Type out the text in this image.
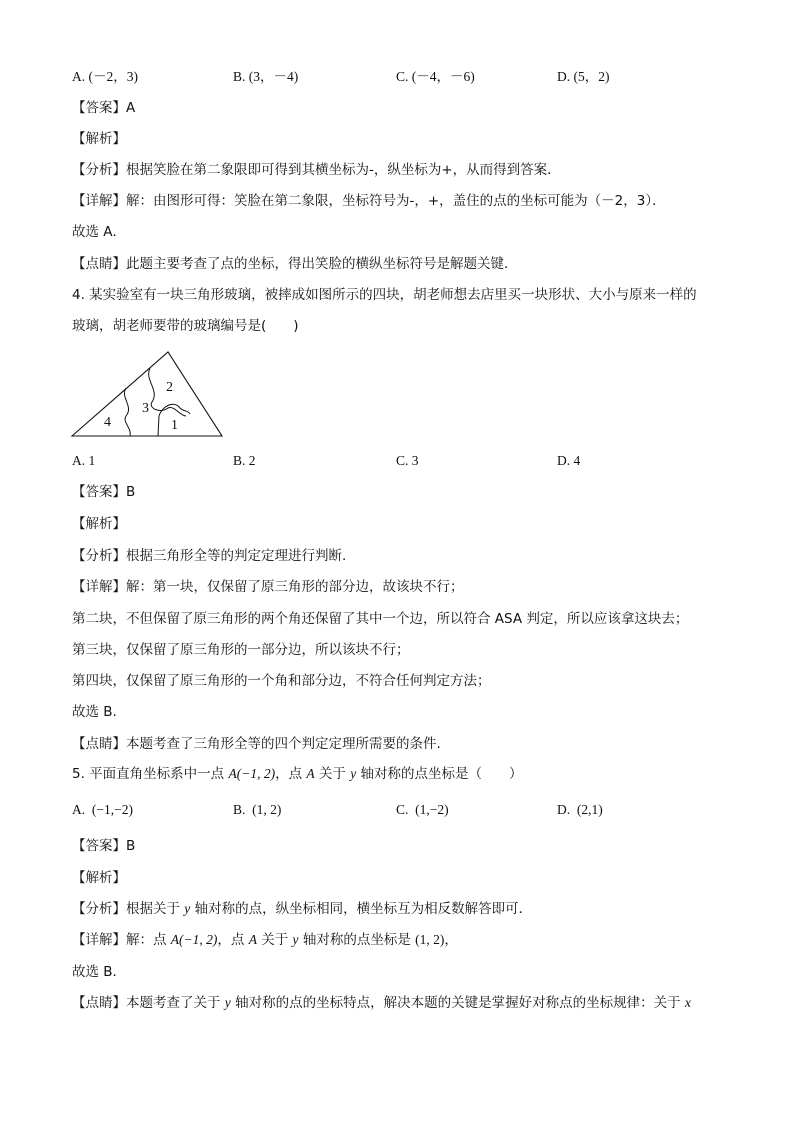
A. (－2，3)	B. (3，－4)	C. (－4，－6)	D. (5，2)
【答案】A
【解析】
【分析】根据笑脸在第二象限即可得到其横坐标为-，纵坐标为+，从而得到答案．
【详解】解：由图形可得：笑脸在第二象限，坐标符号为-，+，盖住的点的坐标可能为（－2，3）．
故选 A．
【点睛】此题主要考查了点的坐标，得出笑脸的横纵坐标符号是解题关键．
4. 某实验室有一块三角形玻璃，被摔成如图所示的四块，胡老师想去店里买一块形状、大小与原来一样的
玻璃，胡老师要带的玻璃编号是(　　)
1
2
3
4
A. 1	B. 2	C. 3	D. 4
【答案】B
【解析】
【分析】根据三角形全等的判定定理进行判断.
【详解】解：第一块，仅保留了原三角形的部分边，故该块不行；
第二块，不但保留了原三角形的两个角还保留了其中一个边，所以符合 ASA 判定，所以应该拿这块去；
第三块，仅保留了原三角形的一部分边，所以该块不行；
第四块，仅保留了原三角形的一个角和部分边，不符合任何判定方法；
故选 B.
【点睛】本题考查了三角形全等的四个判定定理所需要的条件.
5. 平面直角坐标系中一点 A(−1, 2)，点 A 关于 y 轴对称的点坐标是（　　）
A. (−1,−2)	B. (1, 2)	C. (1,−2)	D. (2,1)
【答案】B
【解析】
【分析】根据关于 y 轴对称的点，纵坐标相同，横坐标互为相反数解答即可．
【详解】解：点 A(−1, 2)，点 A 关于 y 轴对称的点坐标是 (1, 2)，
故选 B．
【点睛】本题考查了关于 y 轴对称的点的坐标特点，解决本题的关键是掌握好对称点的坐标规律：关于 x
